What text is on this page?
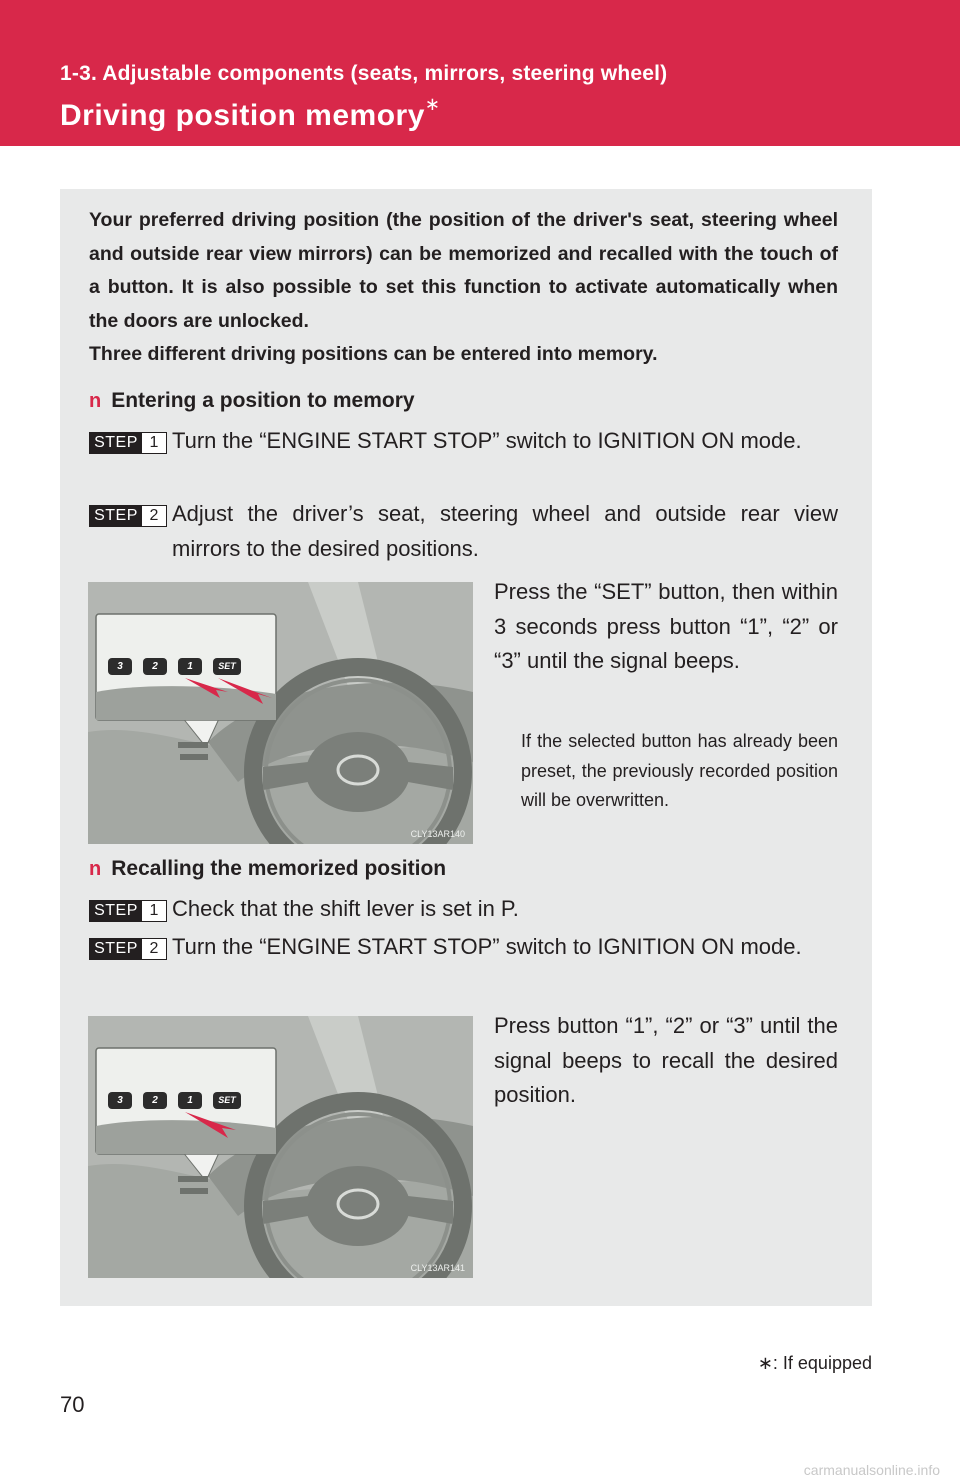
1-3. Adjustable components (seats, mirrors, steering wheel)
Driving position memory∗

Your preferred driving position (the position of the driver's seat, steering wheel and outside rear view mirrors) can be memorized and recalled with the touch of a button. It is also possible to set this function to activate automatically when the doors are unlocked.

Three different driving positions can be entered into memory.

n Entering a position to memory
STEP 1 Turn the “ENGINE START STOP” switch to IGNITION ON mode.
STEP 2 Adjust the driver’s seat, steering wheel and outside rear view mirrors to the desired positions.
3	2	1	SET
CLY13AR140
Press the “SET” button, then within 3 seconds press button “1”, “2” or “3” until the signal beeps.
If the selected button has already been preset, the previously recorded position will be overwritten.
n Recalling the memorized position
STEP 1 Check that the shift lever is set in P.
STEP 2 Turn the “ENGINE START STOP” switch to IGNITION ON mode.
3	2	1	SET
CLY13AR141
Press button “1”, “2” or “3” until the signal beeps to recall the desired position.
∗: If equipped
70
carmanualsonline.info
